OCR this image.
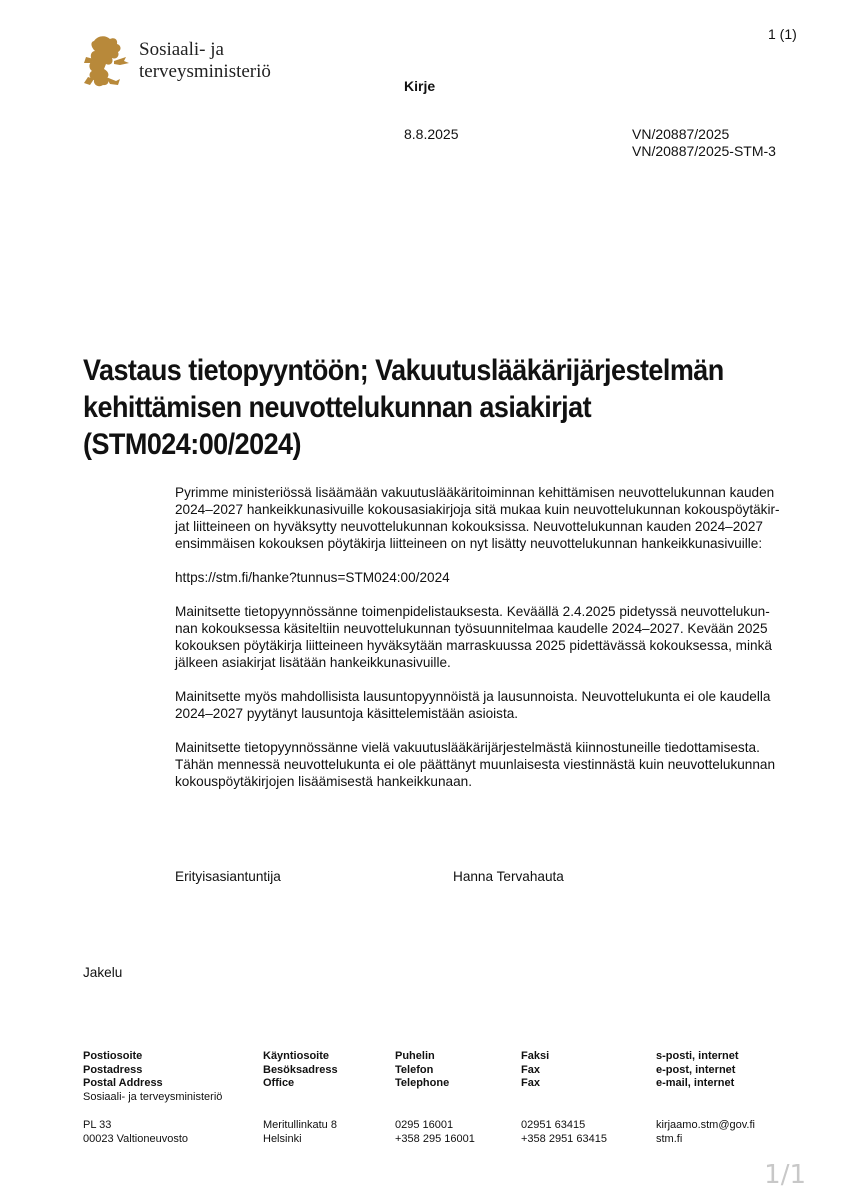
Sosiaali- ja
terveysministeriö
1 (1)
Kirje
8.8.2025	VN/20887/2025
VN/20887/2025-STM-3
Vastaus tietopyyntöön; Vakuutuslääkärijärjestelmän
kehittämisen neuvottelukunnan asiakirjat
(STM024:00/2024)

Pyrimme ministeriössä lisäämään vakuutuslääkäritoiminnan kehittämisen neuvottelukunnan kauden
2024–2027 hankeikkunasivuille kokousasiakirjoja sitä mukaa kuin neuvottelukunnan kokouspöytäkir-
jat liitteineen on hyväksytty neuvottelukunnan kokouksissa. Neuvottelukunnan kauden 2024–2027
ensimmäisen kokouksen pöytäkirja liitteineen on nyt lisätty neuvottelukunnan hankeikkunasivuille:

https://stm.fi/hanke?tunnus=STM024:00/2024

Mainitsette tietopyynnössänne toimenpidelistauksesta. Keväällä 2.4.2025 pidetyssä neuvottelukun-
nan kokouksessa käsiteltiin neuvottelukunnan työsuunnitelmaa kaudelle 2024–2027. Kevään 2025
kokouksen pöytäkirja liitteineen hyväksytään marraskuussa 2025 pidettävässä kokouksessa, minkä
jälkeen asiakirjat lisätään hankeikkunasivuille.

Mainitsette myös mahdollisista lausuntopyynnöistä ja lausunnoista. Neuvottelukunta ei ole kaudella
2024–2027 pyytänyt lausuntoja käsittelemistään asioista.

Mainitsette tietopyynnössänne vielä vakuutuslääkärijärjestelmästä kiinnostuneille tiedottamisesta.
Tähän mennessä neuvottelukunta ei ole päättänyt muunlaisesta viestinnästä kuin neuvottelukunnan
kokouspöytäkirjojen lisäämisestä hankeikkunaan.

Erityisasiantuntija	Hanna Tervahauta
Jakelu
Postiosoite
Postadress
Postal Address
Sosiaali- ja terveysministeriö
Käyntiosoite
Besöksadress
Office
Puhelin
Telefon
Telephone
Faksi
Fax
Fax
s-posti, internet
e-post, internet
e-mail, internet
PL 33
00023 Valtioneuvosto
Meritullinkatu 8
Helsinki
0295 16001
+358 295 16001
02951 63415
+358 2951 63415
kirjaamo.stm@gov.fi
stm.fi
1/1
